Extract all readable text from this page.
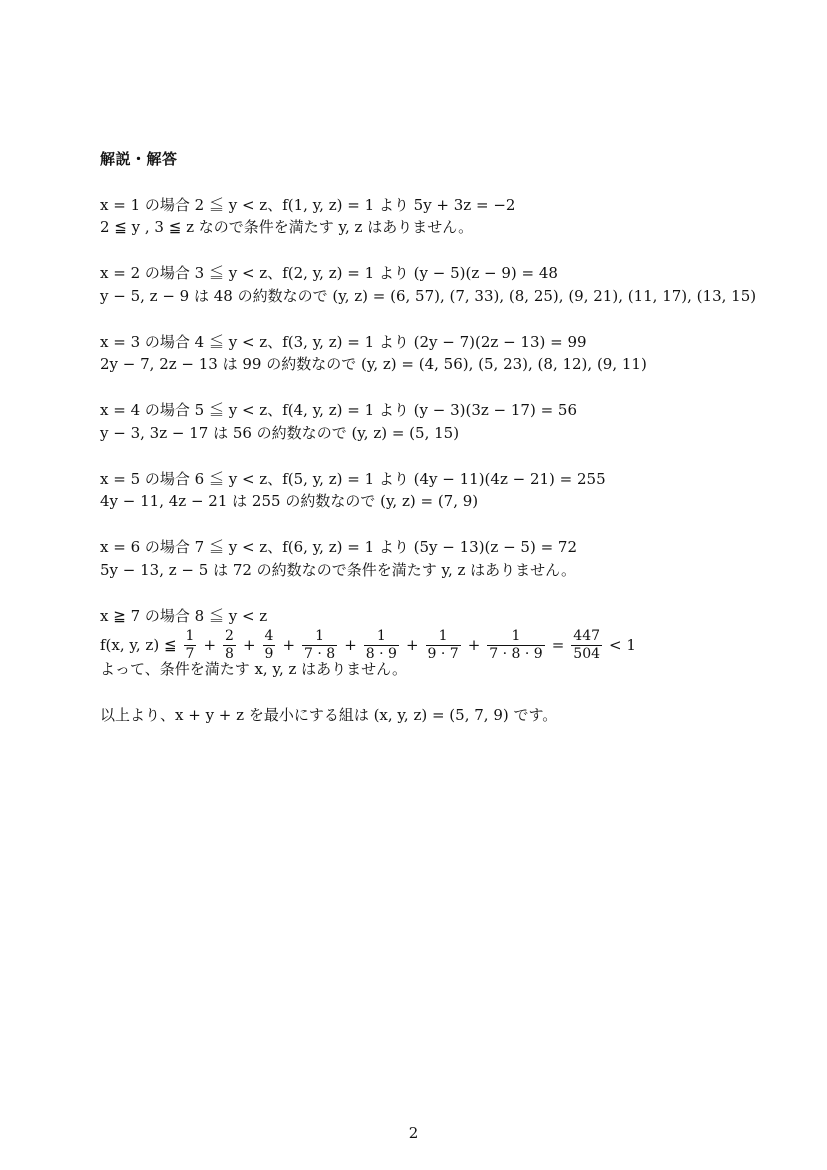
解説・解答
x = 1 の場合 2 ≦ y < z、f(1, y, z) = 1 より 5y + 3z = −2
2 ≦ y , 3 ≦ z なので条件を満たす y, z はありません。
x = 2 の場合 3 ≦ y < z、f(2, y, z) = 1 より (y − 5)(z − 9) = 48
y − 5, z − 9 は 48 の約数なので (y, z) = (6, 57), (7, 33), (8, 25), (9, 21), (11, 17), (13, 15)
x = 3 の場合 4 ≦ y < z、f(3, y, z) = 1 より (2y − 7)(2z − 13) = 99
2y − 7, 2z − 13 は 99 の約数なので (y, z) = (4, 56), (5, 23), (8, 12), (9, 11)
x = 4 の場合 5 ≦ y < z、f(4, y, z) = 1 より (y − 3)(3z − 17) = 56
y − 3, 3z − 17 は 56 の約数なので (y, z) = (5, 15)
x = 5 の場合 6 ≦ y < z、f(5, y, z) = 1 より (4y − 11)(4z − 21) = 255
4y − 11, 4z − 21 は 255 の約数なので (y, z) = (7, 9)
x = 6 の場合 7 ≦ y < z、f(6, y, z) = 1 より (5y − 13)(z − 5) = 72
5y − 13, z − 5 は 72 の約数なので条件を満たす y, z はありません。
x ≧ 7 の場合 8 ≦ y < z
f(x, y, z) ≦ $\frac{1}{7} + \frac{2}{8} + \frac{4}{9} + \frac{1}{7 \cdot 8} + \frac{1}{8 \cdot 9} + \frac{1}{9 \cdot 7} + \frac{1}{7 \cdot 8 \cdot 9} = \frac{447}{504} < 1$
よって、条件を満たす x, y, z はありません。
以上より、x + y + z を最小にする組は (x, y, z) = (5, 7, 9) です。
2
